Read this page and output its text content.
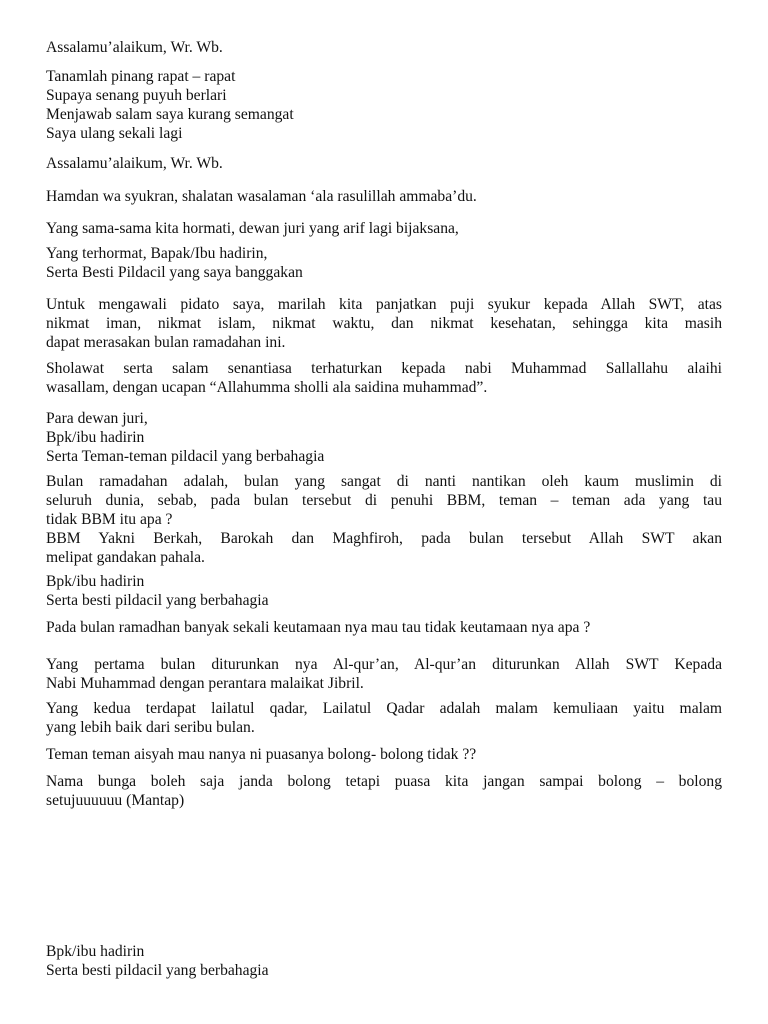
Assalamu’alaikum, Wr. Wb.

Tanamlah pinang rapat – rapat
Supaya senang puyuh berlari
Menjawab salam saya kurang semangat
Saya ulang sekali lagi

Assalamu’alaikum, Wr. Wb.

Hamdan wa syukran, shalatan wasalaman ‘ala rasulillah ammaba’du.

Yang sama-sama kita hormati, dewan juri yang arif lagi bijaksana,

Yang terhormat, Bapak/Ibu hadirin,
Serta Besti Pildacil yang saya banggakan

Untuk mengawali pidato saya, marilah kita panjatkan puji syukur kepada Allah SWT, atas
nikmat iman, nikmat islam, nikmat waktu, dan nikmat kesehatan, sehingga kita masih
dapat merasakan bulan ramadahan ini.

Sholawat serta salam senantiasa terhaturkan kepada nabi Muhammad Sallallahu alaihi
wasallam, dengan ucapan “Allahumma sholli ala saidina muhammad”.

Para dewan juri,
Bpk/ibu hadirin
Serta Teman-teman pildacil yang berbahagia

Bulan ramadahan adalah, bulan yang sangat di nanti nantikan oleh kaum muslimin di
seluruh dunia, sebab, pada bulan tersebut di penuhi BBM, teman – teman ada yang tau
tidak BBM itu apa ?

BBM Yakni Berkah, Barokah dan Maghfiroh, pada bulan tersebut Allah SWT akan
melipat gandakan pahala.

Bpk/ibu hadirin
Serta besti pildacil yang berbahagia

Pada bulan ramadhan banyak sekali keutamaan nya mau tau tidak keutamaan nya apa ?

Yang pertama bulan diturunkan nya Al-qur’an, Al-qur’an diturunkan Allah SWT Kepada
Nabi Muhammad dengan perantara malaikat Jibril.

Yang kedua terdapat lailatul qadar, Lailatul Qadar adalah malam kemuliaan yaitu malam
yang lebih baik dari seribu bulan.

Teman teman aisyah mau nanya ni puasanya bolong- bolong tidak ??

Nama bunga boleh saja janda bolong tetapi puasa kita jangan sampai bolong – bolong
setujuuuuuu (Mantap)

Bpk/ibu hadirin
Serta besti pildacil yang berbahagia
